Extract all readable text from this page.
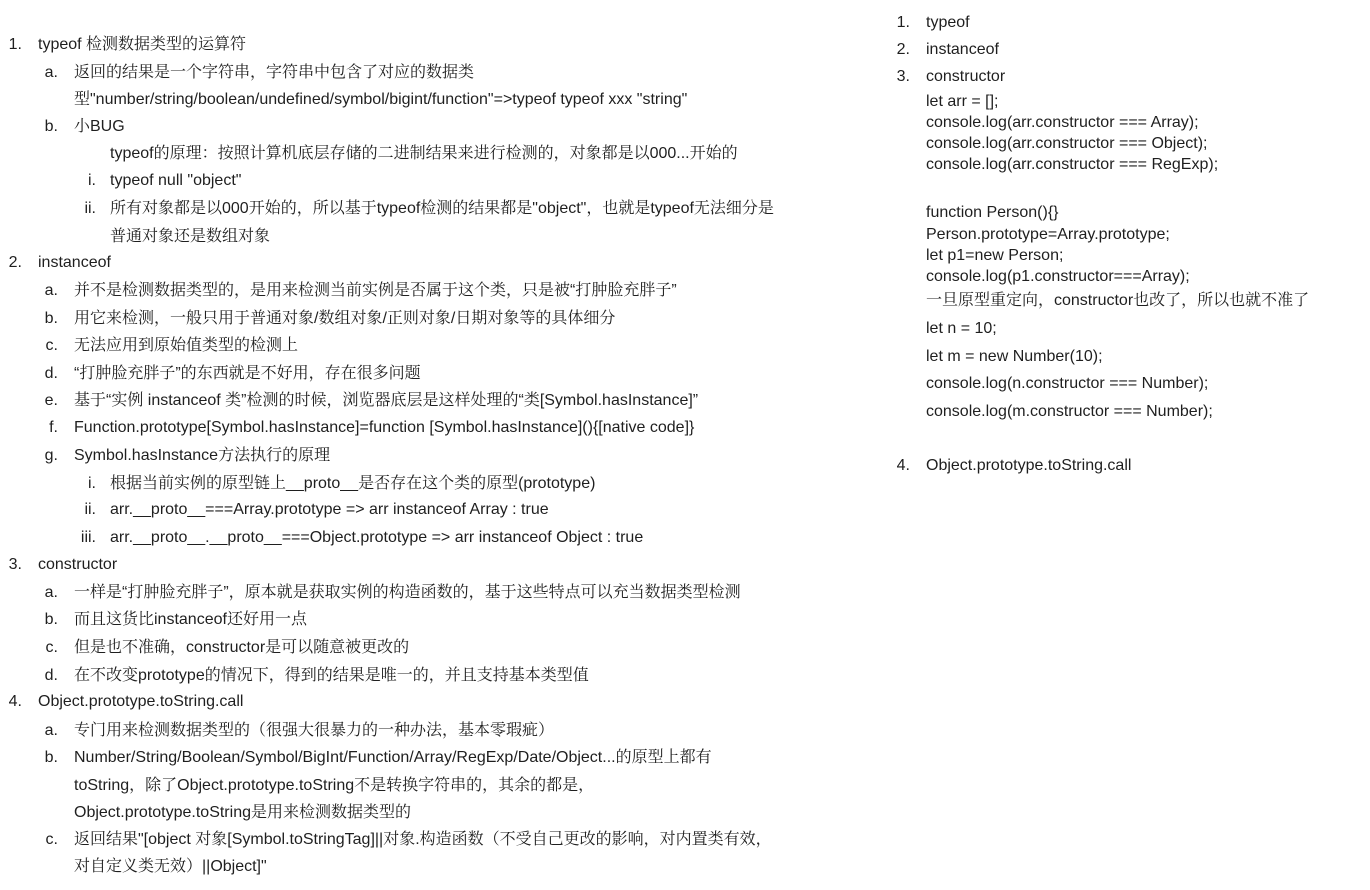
1. typeof 检测数据类型的运算符
a. 返回的结果是一个字符串，字符串中包含了对应的数据类
型"number/string/boolean/undefined/symbol/bigint/function"=>typeof typeof xxx "string"
b. 小BUG
typeof的原理：按照计算机底层存储的二进制结果来进行检测的，对象都是以000...开始的
i. typeof null "object"
ii. 所有对象都是以000开始的，所以基于typeof检测的结果都是"object"，也就是typeof无法细分是
普通对象还是数组对象
2. instanceof
a. 并不是检测数据类型的，是用来检测当前实例是否属于这个类，只是被“打肿脸充胖子”
b. 用它来检测，一般只用于普通对象/数组对象/正则对象/日期对象等的具体细分
c. 无法应用到原始值类型的检测上
d. “打肿脸充胖子”的东西就是不好用，存在很多问题
e. 基于“实例 instanceof 类”检测的时候，浏览器底层是这样处理的“类[Symbol.hasInstance]”
f. Function.prototype[Symbol.hasInstance]=function [Symbol.hasInstance](){[native code]}
g. Symbol.hasInstance方法执行的原理
i. 根据当前实例的原型链上__proto__是否存在这个类的原型(prototype)
ii. arr.__proto__===Array.prototype => arr instanceof Array : true
iii. arr.__proto__.__proto__===Object.prototype => arr instanceof Object : true
3. constructor
a. 一样是“打肿脸充胖子”，原本就是获取实例的构造函数的，基于这些特点可以充当数据类型检测
b. 而且这货比instanceof还好用一点
c. 但是也不准确，constructor是可以随意被更改的
d. 在不改变prototype的情况下，得到的结果是唯一的，并且支持基本类型值
4. Object.prototype.toString.call
a. 专门用来检测数据类型的（很强大很暴力的一种办法，基本零瑕疵）
b. Number/String/Boolean/Symbol/BigInt/Function/Array/RegExp/Date/Object...的原型上都有
toString，除了Object.prototype.toString不是转换字符串的，其余的都是，
Object.prototype.toString是用来检测数据类型的
c. 返回结果"[object 对象[Symbol.toStringTag]||对象.构造函数（不受自己更改的影响，对内置类有效，
对自定义类无效）||Object]"
1. typeof
2. instanceof
3. constructor
let arr = [];
console.log(arr.constructor === Array);
console.log(arr.constructor === Object);
console.log(arr.constructor === RegExp);
function Person(){}
Person.prototype=Array.prototype;
let p1=new Person;
console.log(p1.constructor===Array);
一旦原型重定向，constructor也改了，所以也就不准了
let n = 10;
let m = new Number(10);
console.log(n.constructor === Number);
console.log(m.constructor === Number);
4. Object.prototype.toString.call
